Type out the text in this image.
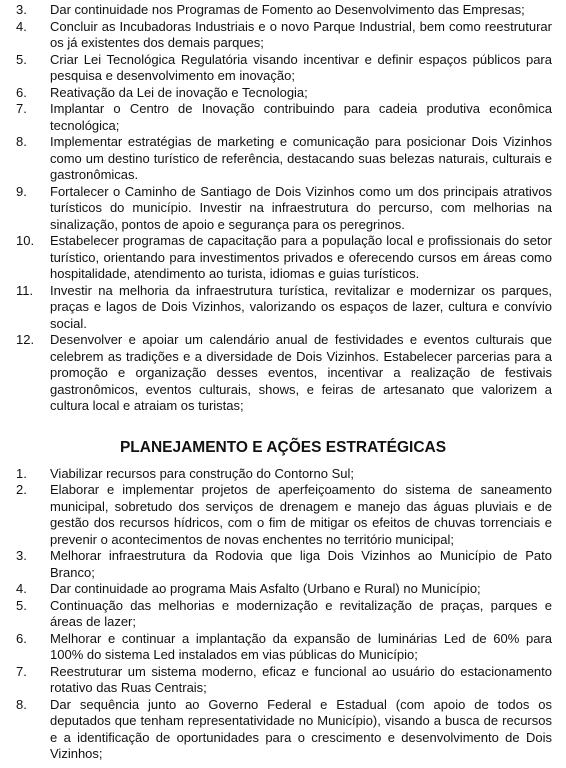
3.	Dar continuidade nos Programas de Fomento ao Desenvolvimento das Empresas;
4.	Concluir as Incubadoras Industriais e o novo Parque Industrial, bem como reestruturar os já existentes dos demais parques;
5.	Criar Lei Tecnológica Regulatória visando incentivar e definir espaços públicos para pesquisa e desenvolvimento em inovação;
6.	Reativação da Lei de inovação e Tecnologia;
7.	Implantar o Centro de Inovação contribuindo para cadeia produtiva econômica tecnológica;
8.	Implementar estratégias de marketing e comunicação para posicionar Dois Vizinhos como um destino turístico de referência, destacando suas belezas naturais, culturais e gastronômicas.
9.	Fortalecer o Caminho de Santiago de Dois Vizinhos como um dos principais atrativos turísticos do município. Investir na infraestrutura do percurso, com melhorias na sinalização, pontos de apoio e segurança para os peregrinos.
10.	Estabelecer programas de capacitação para a população local e profissionais do setor turístico, orientando para investimentos privados e oferecendo cursos em áreas como hospitalidade, atendimento ao turista, idiomas e guias turísticos.
11.	Investir na melhoria da infraestrutura turística, revitalizar e modernizar os parques, praças e lagos de Dois Vizinhos, valorizando os espaços de lazer, cultura e convívio social.
12.	Desenvolver e apoiar um calendário anual de festividades e eventos culturais que celebrem as tradições e a diversidade de Dois Vizinhos. Estabelecer parcerias para a promoção e organização desses eventos, incentivar a realização de festivais gastronômicos, eventos culturais, shows, e feiras de artesanato que valorizem a cultura local e atraiam os turistas;
PLANEJAMENTO E AÇÕES ESTRATÉGICAS
1.	Viabilizar recursos para construção do Contorno Sul;
2.	Elaborar e implementar projetos de aperfeiçoamento do sistema de saneamento municipal, sobretudo dos serviços de drenagem e manejo das águas pluviais e de gestão dos recursos hídricos, com o fim de mitigar os efeitos de chuvas torrenciais e prevenir o acontecimentos de novas enchentes no território municipal;
3.	Melhorar infraestrutura da Rodovia que liga Dois Vizinhos ao Município de Pato Branco;
4.	Dar continuidade ao programa Mais Asfalto (Urbano e Rural) no Município;
5.	Continuação das melhorias e modernização e revitalização de praças, parques e áreas de lazer;
6.	Melhorar e continuar a implantação da expansão de luminárias Led de 60% para 100% do sistema Led instalados em vias públicas do Município;
7.	Reestruturar um sistema moderno, eficaz e funcional ao usuário do estacionamento rotativo das Ruas Centrais;
8.	Dar sequência junto ao Governo Federal e Estadual (com apoio de todos os deputados que tenham representatividade no Município), visando a busca de recursos e a identificação de oportunidades para o crescimento e desenvolvimento de Dois Vizinhos;
